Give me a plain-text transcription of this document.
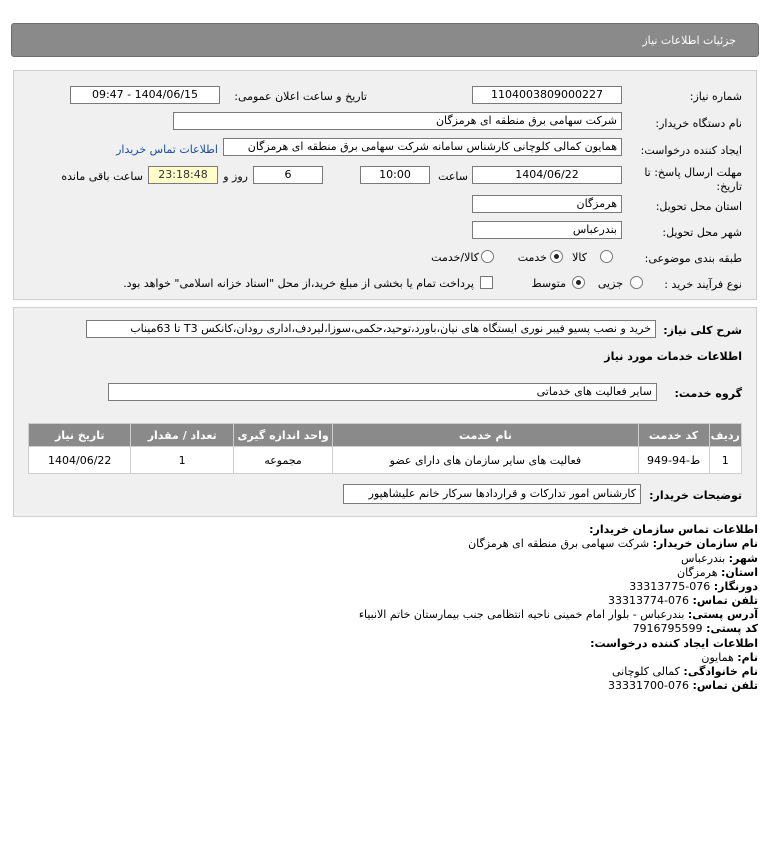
جزئیات اطلاعات نیاز
شماره نیاز:
1104003809000227
تاریخ و ساعت اعلان عمومی:
1404/06/15 - 09:47
نام دستگاه خریدار:
شرکت سهامی برق منطقه ای هرمزگان
ایجاد کننده درخواست:
همایون کمالی کلوچانی کارشناس سامانه شرکت سهامی برق منطقه ای هرمزگان
اطلاعات تماس خریدار
مهلت ارسال پاسخ: تا
تاریخ:
1404/06/22
ساعت
10:00
6
روز و
23:18:48
ساعت باقی مانده
استان محل تحویل:
هرمزگان
شهر محل تحویل:
بندرعباس
طبقه بندی موضوعی:
کالا
خدمت
کالا/خدمت
نوع فرآیند خرید :
جزیی
متوسط
پرداخت تمام یا بخشی از مبلغ خرید،از محل "اسناد خزانه اسلامی" خواهد بود.
شرح کلی نیاز:
خرید و نصب پسیو فیبر نوری ایستگاه های نیان،باورد،توحید،حکمی،سوزا،لیردف،اداری رودان،کانکس T3 تا 63میناب
اطلاعات خدمات مورد نیاز
گروه خدمت:
سایر فعالیت های خدماتی
ردیف	کد خدمت	نام خدمت	واحد اندازه گیری	تعداد / مقدار	تاریخ نیاز
1	ط-94-949	فعالیت های سایر سازمان های دارای عضو	مجموعه	1	1404/06/22
توضیحات خریدار:
کارشناس امور تدارکات و قراردادها سرکار خانم علیشاهپور
اطلاعات تماس سازمان خریدار:
نام سازمان خریدار: شرکت سهامی برق منطقه ای هرمزگان
شهر: بندرعباس
استان: هرمزگان
دورنگار: 076-33313775
تلفن تماس: 076-33313774
آدرس پستی: بندرعباس - بلوار امام خمینی ناحیه انتظامی جنب بیمارستان خاتم الانبیاء
کد پستی: 7916795599
اطلاعات ایجاد کننده درخواست:
نام: همایون
نام خانوادگی: کمالی کلوچانی
تلفن تماس: 076-33331700
